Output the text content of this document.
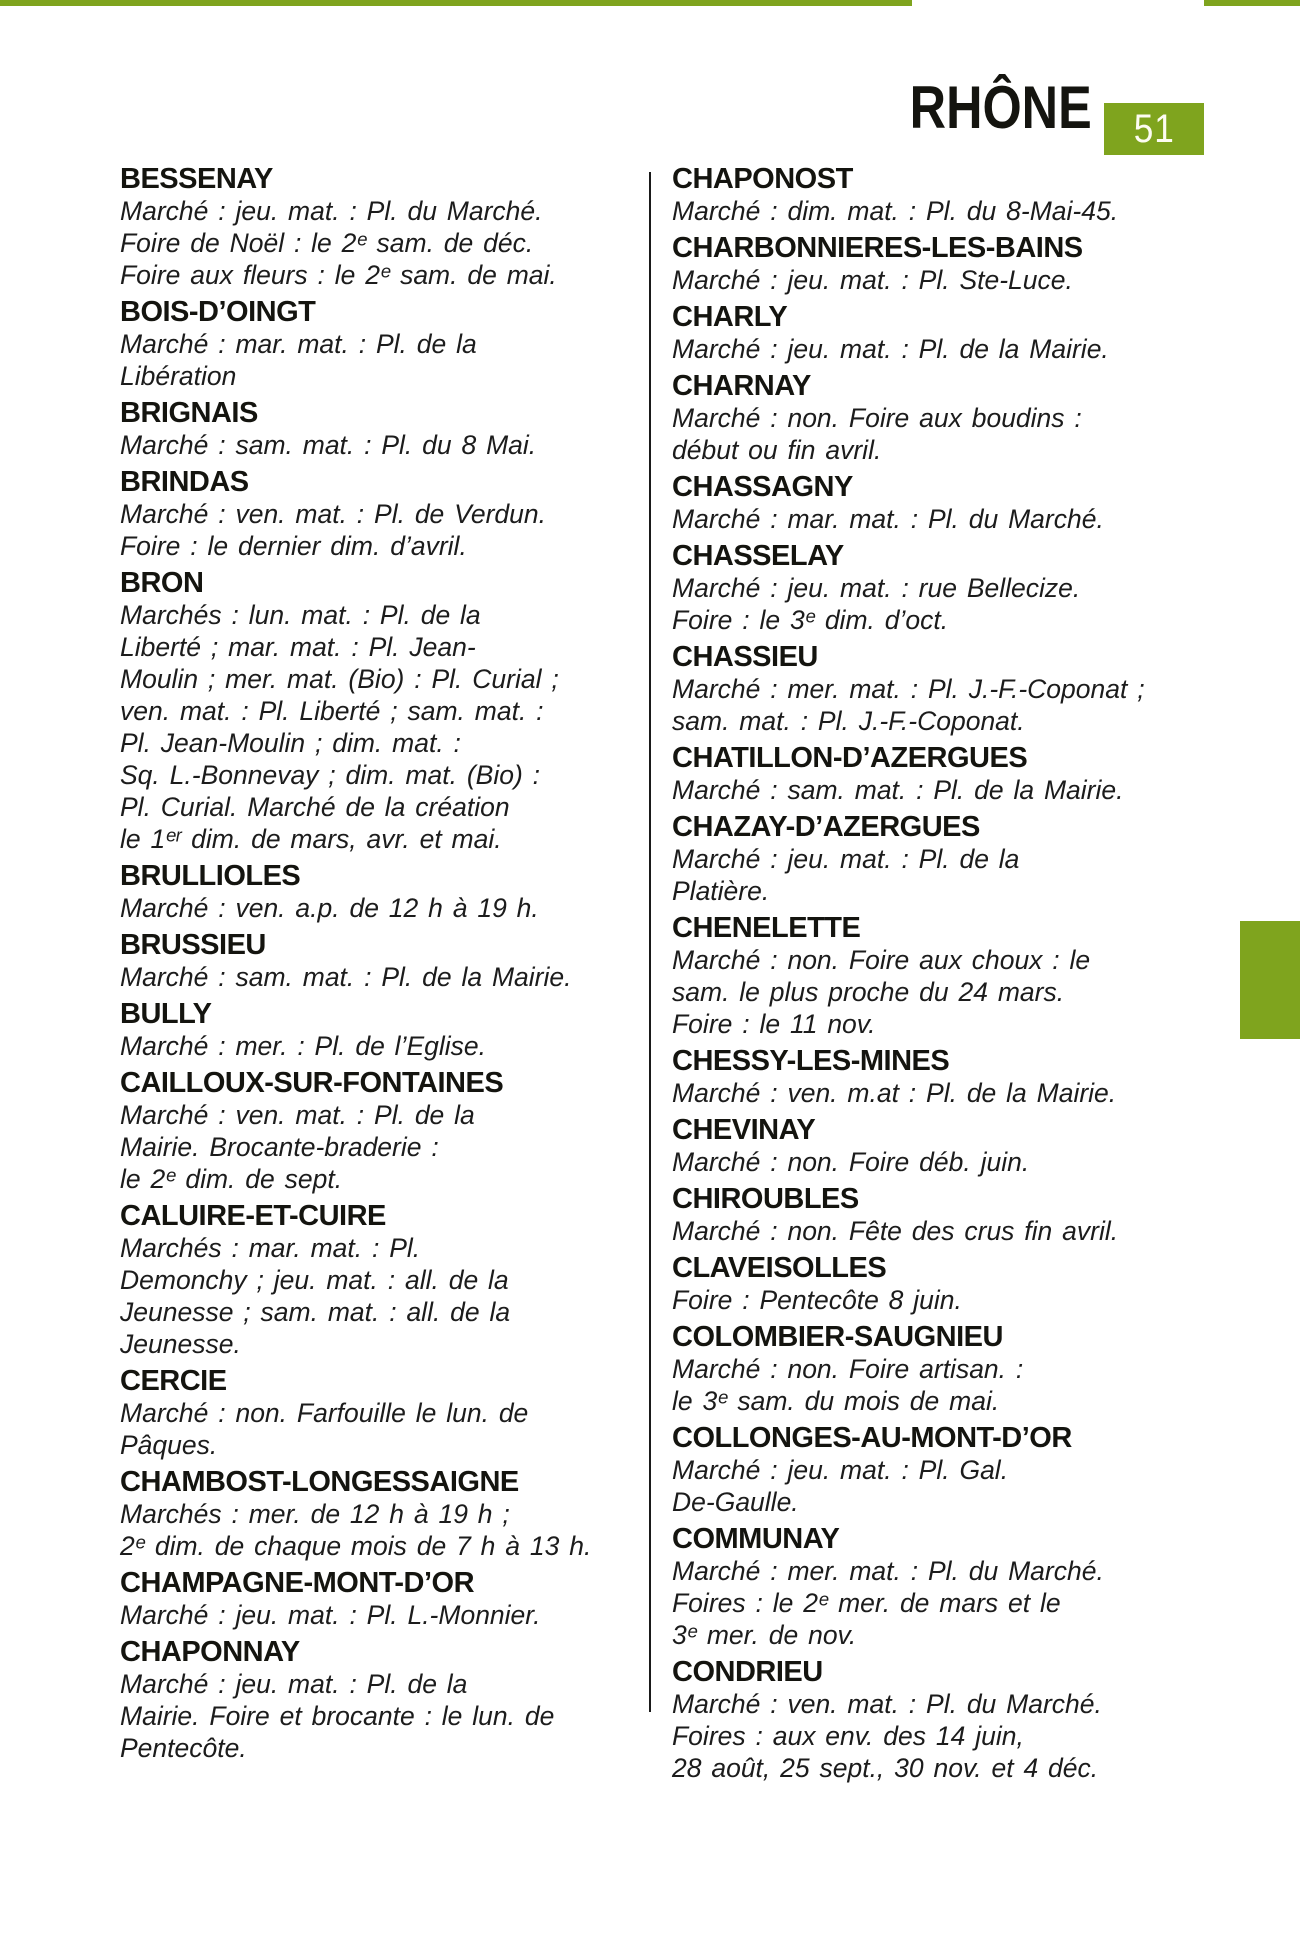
RHÔNE 51
BESSENAY

Marché : jeu. mat. : Pl. du Marché.

Foire de Noël : le 2ᵉ sam. de déc.

Foire aux fleurs : le 2ᵉ sam. de mai.

BOIS-D’OINGT

Marché : mar. mat. : Pl. de la

Libération

BRIGNAIS

Marché : sam. mat. : Pl. du 8 Mai.

BRINDAS

Marché : ven. mat. : Pl. de Verdun.

Foire : le dernier dim. d’avril.

BRON

Marchés : lun. mat. : Pl. de la

Liberté ; mar. mat. : Pl. Jean-

Moulin ; mer. mat. (Bio) : Pl. Curial ;

ven. mat. : Pl. Liberté ; sam. mat. :

Pl. Jean-Moulin ; dim. mat. :

Sq. L.-Bonnevay ; dim. mat. (Bio) :

Pl. Curial. Marché de la création

le 1ᵉʳ dim. de mars, avr. et mai.

BRULLIOLES

Marché : ven. a.p. de 12 h à 19 h.

BRUSSIEU

Marché : sam. mat. : Pl. de la Mairie.

BULLY

Marché : mer. : Pl. de l’Eglise.

CAILLOUX-SUR-FONTAINES

Marché : ven. mat. : Pl. de la

Mairie. Brocante-braderie :

le 2ᵉ dim. de sept.

CALUIRE-ET-CUIRE

Marchés : mar. mat. : Pl.

Demonchy ; jeu. mat. : all. de la

Jeunesse ; sam. mat. : all. de la

Jeunesse.

CERCIE

Marché : non. Farfouille le lun. de

Pâques.

CHAMBOST-LONGESSAIGNE

Marchés : mer. de 12 h à 19 h ;

2ᵉ dim. de chaque mois de 7 h à 13 h.

CHAMPAGNE-MONT-D’OR

Marché : jeu. mat. : Pl. L.-Monnier.

CHAPONNAY

Marché : jeu. mat. : Pl. de la

Mairie. Foire et brocante : le lun. de

Pentecôte.

CHAPONOST

Marché : dim. mat. : Pl. du 8-Mai-45.

CHARBONNIERES-LES-BAINS

Marché : jeu. mat. : Pl. Ste-Luce.

CHARLY

Marché : jeu. mat. : Pl. de la Mairie.

CHARNAY

Marché : non. Foire aux boudins :

début ou fin avril.

CHASSAGNY

Marché : mar. mat. : Pl. du Marché.

CHASSELAY

Marché : jeu. mat. : rue Bellecize.

Foire : le 3ᵉ dim. d’oct.

CHASSIEU

Marché : mer. mat. : Pl. J.-F.-Coponat ;

sam. mat. : Pl. J.-F.-Coponat.

CHATILLON-D’AZERGUES

Marché : sam. mat. : Pl. de la Mairie.

CHAZAY-D’AZERGUES

Marché : jeu. mat. : Pl. de la

Platière.

CHENELETTE

Marché : non. Foire aux choux : le

sam. le plus proche du 24 mars.

Foire : le 11 nov.

CHESSY-LES-MINES

Marché : ven. m.at : Pl. de la Mairie.

CHEVINAY

Marché : non. Foire déb. juin.

CHIROUBLES

Marché : non. Fête des crus fin avril.

CLAVEISOLLES

Foire : Pentecôte 8 juin.

COLOMBIER-SAUGNIEU

Marché : non. Foire artisan. :

le 3ᵉ sam. du mois de mai.

COLLONGES-AU-MONT-D’OR

Marché : jeu. mat. : Pl. Gal.

De-Gaulle.

COMMUNAY

Marché : mer. mat. : Pl. du Marché.

Foires : le 2ᵉ mer. de mars et le

3ᵉ mer. de nov.

CONDRIEU

Marché : ven. mat. : Pl. du Marché.

Foires : aux env. des 14 juin,

28 août, 25 sept., 30 nov. et 4 déc.
